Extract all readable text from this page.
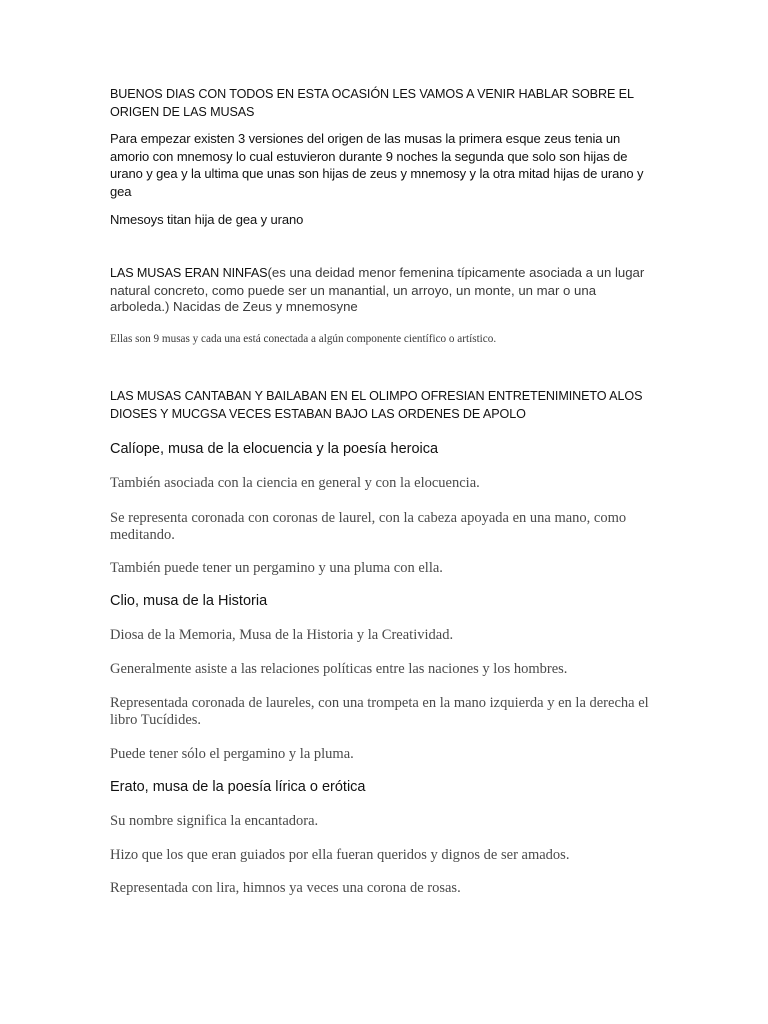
BUENOS DIAS CON TODOS EN ESTA OCASIÓN LES VAMOS A VENIR HABLAR SOBRE EL ORIGEN DE LAS MUSAS

Para empezar existen 3 versiones del origen de las musas la primera esque zeus tenia un amorio con mnemosy lo cual estuvieron durante 9 noches la segunda que solo son hijas de urano y gea y la ultima que unas son hijas de zeus y mnemosy y la otra mitad hijas de urano y gea

Nmesoys titan hija de gea y urano

LAS MUSAS ERAN NINFAS(es una deidad menor femenina típicamente asociada a un lugar natural concreto, como puede ser un manantial, un arroyo, un monte, un mar o una arboleda.) Nacidas de Zeus y mnemosyne

Ellas son 9 musas y cada una está conectada a algún componente científico o artístico.

LAS MUSAS CANTABAN Y BAILABAN EN EL OLIMPO OFRESIAN ENTRETENIMINETO ALOS DIOSES Y MUCGSA VECES ESTABAN BAJO LAS ORDENES DE APOLO

Calíope, musa de la elocuencia y la poesía heroica

También asociada con la ciencia en general y con la elocuencia.

Se representa coronada con coronas de laurel, con la cabeza apoyada en una mano, como meditando.

También puede tener un pergamino y una pluma con ella.

Clio, musa de la Historia

Diosa de la Memoria, Musa de la Historia y la Creatividad.

Generalmente asiste a las relaciones políticas entre las naciones y los hombres.

Representada coronada de laureles, con una trompeta en la mano izquierda y en la derecha el libro Tucídides.

Puede tener sólo el pergamino y la pluma.

Erato, musa de la poesía lírica o erótica

Su nombre significa la encantadora.

Hizo que los que eran guiados por ella fueran queridos y dignos de ser amados.

Representada con lira, himnos ya veces una corona de rosas.
